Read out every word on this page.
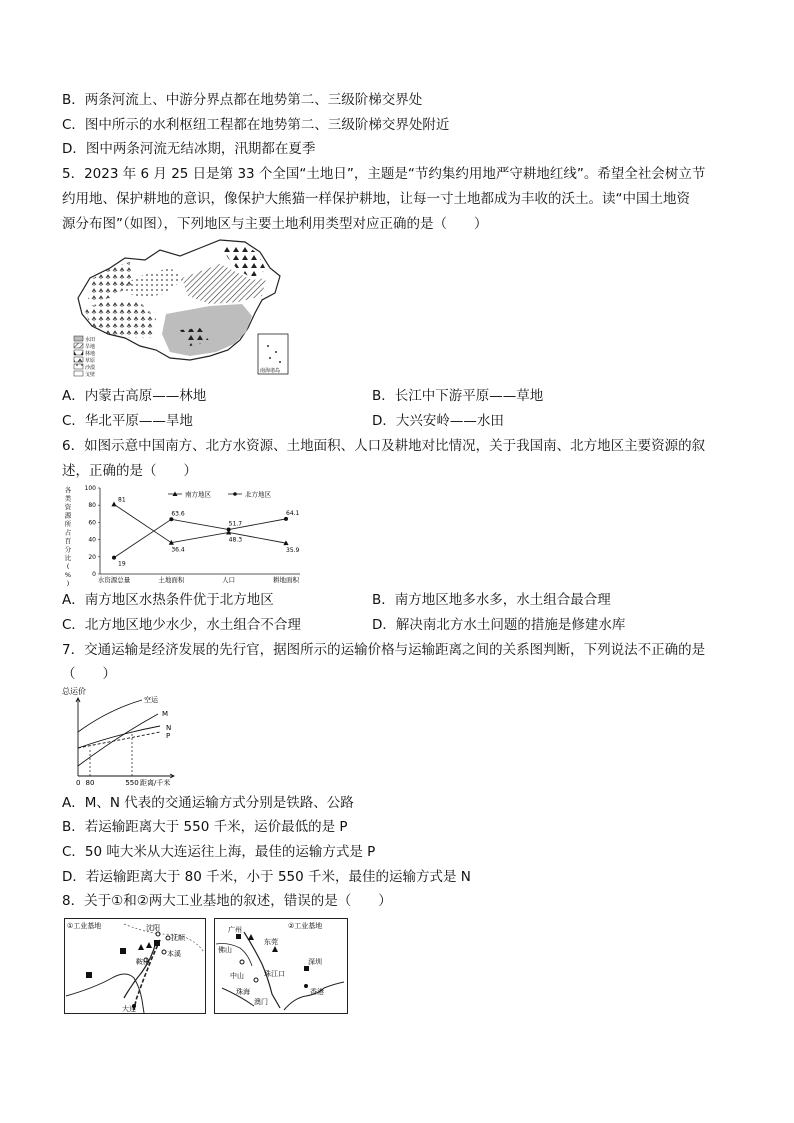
B．两条河流上、中游分界点都在地势第二、三级阶梯交界处
C．图中所示的水利枢纽工程都在地势第二、三级阶梯交界处附近
D．图中两条河流无结冰期，汛期都在夏季
5．2023 年 6 月 25 日是第 33 个全国“土地日”，主题是“节约集约用地严守耕地红线”。希望全社会树立节
约用地、保护耕地的意识，像保护大熊猫一样保护耕地，让每一寸土地都成为丰收的沃土。读“中国土地资
源分布图”（如图），下列地区与主要土地利用类型对应正确的是（　　）
水田
旱地
林地
草原
沙漠
戈壁
南海诸岛
A．内蒙古高原——林地	B．长江中下游平原——草地
C．华北平原——旱地	D．大兴安岭——水田
6．如图示意中国南方、北方水资源、土地面积、人口及耕地对比情况，关于我国南、北方地区主要资源的叙
述，正确的是（　　）
各
类
资
源
所
占
百
分
比
(
%
)
0
20
40
60
80
100
水资源总量	土地面积	人口	耕地面积
南方地区	北方地区
81
36.4
48.3
35.9
19
63.6
51.7
64.1
A．南方地区水热条件优于北方地区	B．南方地区地多水多，水土组合最合理
C．北方地区地少水少，水土组合不合理	D．解决南北方水土问题的措施是修建水库
7．交通运输是经济发展的先行官，据图所示的运输价格与运输距离之间的关系图判断，下列说法不正确的是
（　　）
总运价
0 80	550 距离/千米
空运
M
N
P
A．M、N 代表的交通运输方式分别是铁路、公路
B．若运输距离大于 550 千米，运价最低的是 P
C．50 吨大米从大连运往上海，最佳的运输方式是 P
D．若运输距离大于 80 千米，小于 550 千米，最佳的运输方式是 N
8．关于①和②两大工业基地的叙述，错误的是（　　）
①工业基地	沈阳
抚顺
鞍山
本溪
大连
②工业基地
广州
佛山
东莞
珠江口
中山
珠海
深圳
香港
澳门
